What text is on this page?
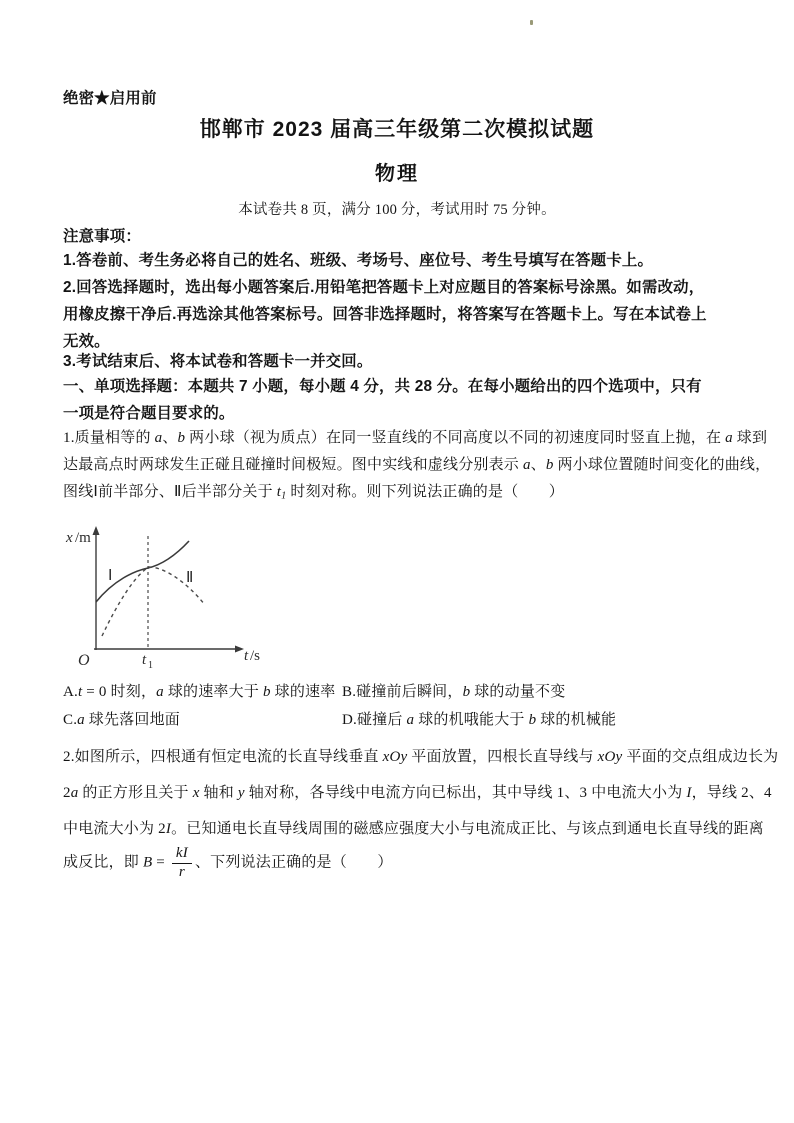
绝密★启用前
邯郸市 2023 届高三年级第二次模拟试题
物理
本试卷共 8 页，满分 100 分，考试用时 75 分钟。
注意事项：
1.答卷前、考生务必将自己的姓名、班级、考场号、座位号、考生号填写在答题卡上。
2.回答选择题时，选出每小题答案后.用铅笔把答题卡上对应题目的答案标号涂黑。如需改动，
用橡皮擦干净后.再选涂其他答案标号。回答非选择题时，将答案写在答题卡上。写在本试卷上
无效。
3.考试结束后、将本试卷和答题卡一并交回。
一、单项选择题：本题共 7 小题，每小题 4 分，共 28 分。在每小题给出的四个选项中，只有
一项是符合题目要求的。
1.质量相等的 a、b 两小球（视为质点）在同一竖直线的不同高度以不同的初速度同时竖直上抛，在 a 球到
达最高点时两球发生正碰且碰撞时间极短。图中实线和虚线分别表示 a、b 两小球位置随时间变化的曲线，
图线Ⅰ前半部分、Ⅱ后半部分关于 $t_1$ 时刻对称。则下列说法正确的是（　　）
x /m
t /s
O	t 1
Ⅰ	Ⅱ
A.t = 0 时刻，a 球的速率大于 b 球的速率 B.碰撞前后瞬间，b 球的动量不变
C.a 球先落回地面	D.碰撞后 a 球的机哦能大于 b 球的机械能
2.如图所示，四根通有恒定电流的长直导线垂直 xOy 平面放置，四根长直导线与 xOy 平面的交点组成边长为
2a 的正方形且关于 x 轴和 y 轴对称，各导线中电流方向已标出，其中导线 1、3 中电流大小为 I，导线 2、4
中电流大小为 2I。已知通电长直导线周围的磁感应强度大小与电流成正比、与该点到通电长直导线的距离
成反比，即 $B = \frac{kI}{r}$ 、下列说法正确的是（　　）
